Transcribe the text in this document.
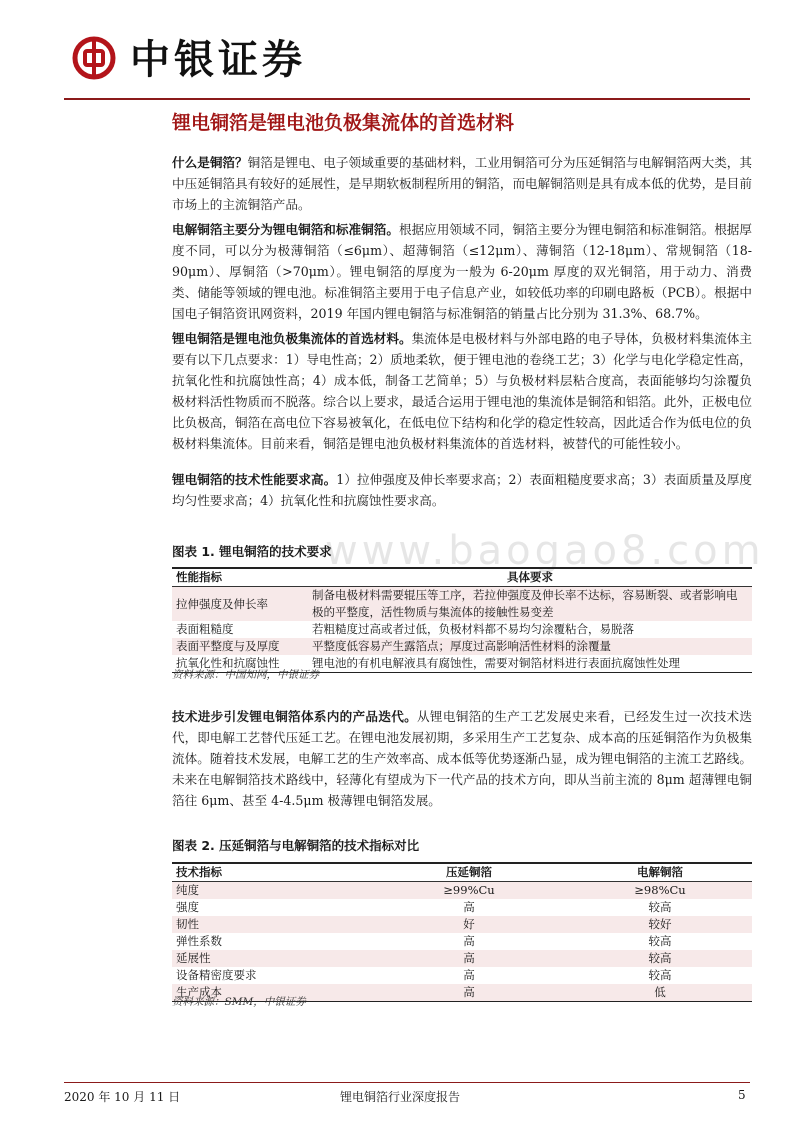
中银证券
锂电铜箔是锂电池负极集流体的首选材料
什么是铜箔？铜箔是锂电、电子领域重要的基础材料，工业用铜箔可分为压延铜箔与电解铜箔两大类，其中压延铜箔具有较好的延展性，是早期软板制程所用的铜箔，而电解铜箔则是具有成本低的优势，是目前市场上的主流铜箔产品。
电解铜箔主要分为锂电铜箔和标准铜箔。根据应用领域不同，铜箔主要分为锂电铜箔和标准铜箔。根据厚度不同，可以分为极薄铜箔（≤6μm）、超薄铜箔（≤12μm）、薄铜箔（12-18μm）、常规铜箔（18-90μm）、厚铜箔（>70μm）。锂电铜箔的厚度为一般为 6-20μm 厚度的双光铜箔，用于动力、消费类、储能等领域的锂电池。标准铜箔主要用于电子信息产业，如较低功率的印刷电路板（PCB）。根据中国电子铜箔资讯网资料，2019 年国内锂电铜箔与标准铜箔的销量占比分别为 31.3%、68.7%。
锂电铜箔是锂电池负极集流体的首选材料。集流体是电极材料与外部电路的电子导体，负极材料集流体主要有以下几点要求：1）导电性高；2）质地柔软，便于锂电池的卷绕工艺；3）化学与电化学稳定性高，抗氧化性和抗腐蚀性高；4）成本低，制备工艺简单；5）与负极材料层粘合度高，表面能够均匀涂覆负极材料活性物质而不脱落。综合以上要求，最适合运用于锂电池的集流体是铜箔和铝箔。此外，正极电位比负极高，铜箔在高电位下容易被氧化，在低电位下结构和化学的稳定性较高，因此适合作为低电位的负极材料集流体。目前来看，铜箔是锂电池负极材料集流体的首选材料，被替代的可能性较小。
锂电铜箔的技术性能要求高。1）拉伸强度及伸长率要求高；2）表面粗糙度要求高；3）表面质量及厚度均匀性要求高；4）抗氧化性和抗腐蚀性要求高。
www.baogao8.com
图表 1. 锂电铜箔的技术要求
性能指标	具体要求
拉伸强度及伸长率	制备电极材料需要辊压等工序，若拉伸强度及伸长率不达标，容易断裂、或者影响电极的平整度，活性物质与集流体的接触性易变差
表面粗糙度	若粗糙度过高或者过低，负极材料都不易均匀涂覆粘合，易脱落
表面平整度与及厚度	平整度低容易产生露箔点；厚度过高影响活性材料的涂覆量
抗氧化性和抗腐蚀性	锂电池的有机电解液具有腐蚀性，需要对铜箔材料进行表面抗腐蚀性处理
资料来源：中国知网，中银证券
技术进步引发锂电铜箔体系内的产品迭代。从锂电铜箔的生产工艺发展史来看，已经发生过一次技术迭代，即电解工艺替代压延工艺。在锂电池发展初期，多采用生产工艺复杂、成本高的压延铜箔作为负极集流体。随着技术发展，电解工艺的生产效率高、成本低等优势逐渐凸显，成为锂电铜箔的主流工艺路线。未来在电解铜箔技术路线中，轻薄化有望成为下一代产品的技术方向，即从当前主流的 8μm 超薄锂电铜箔往 6μm、甚至 4-4.5μm 极薄锂电铜箔发展。
图表 2. 压延铜箔与电解铜箔的技术指标对比
技术指标	压延铜箔	电解铜箔
纯度	≥99%Cu	≥98%Cu
强度	高	较高
韧性	好	较好
弹性系数	高	较高
延展性	高	较高
设备精密度要求	高	较高
生产成本	高	低
资料来源：SMM，中银证券
2020 年 10 月 11 日	锂电铜箔行业深度报告	5
